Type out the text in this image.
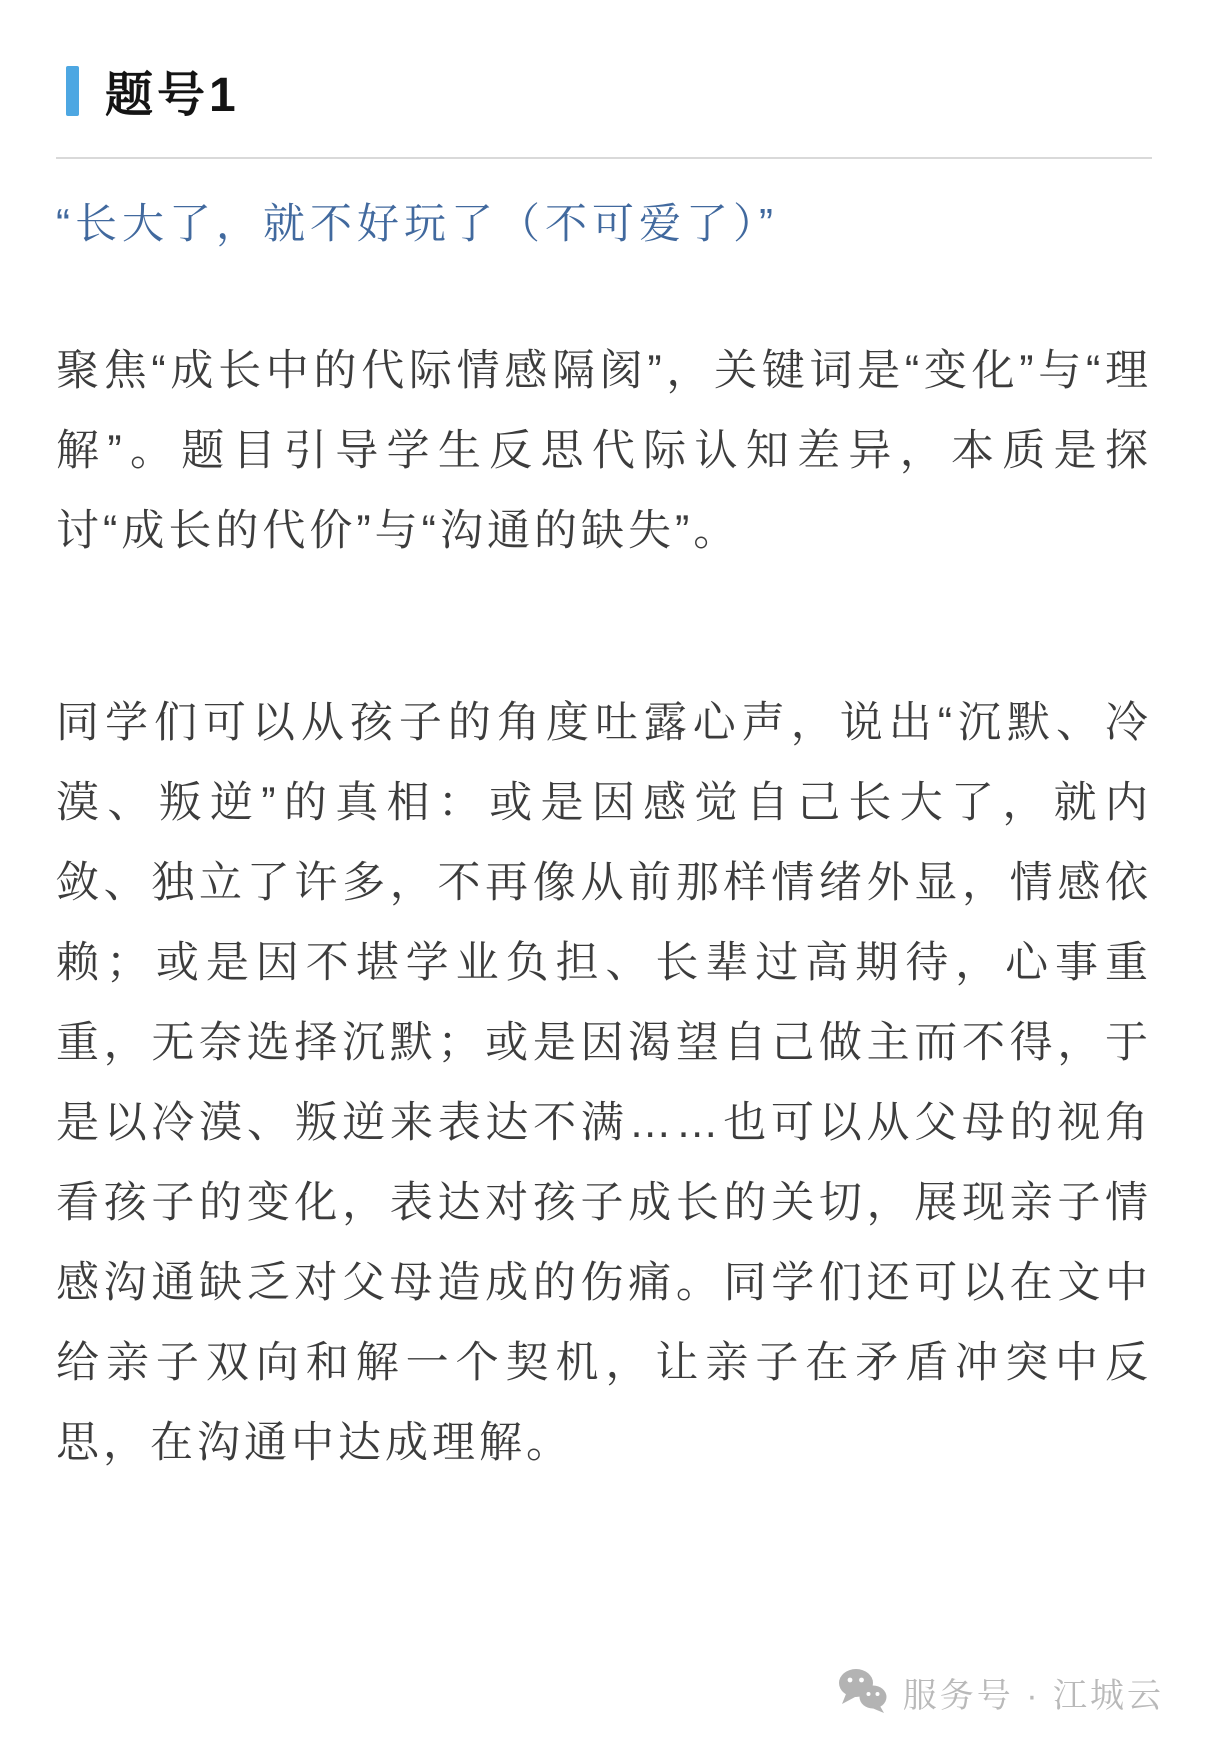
题号1
“长大了，就不好玩了（不可爱了）”
聚焦“成长中的代际情感隔阂”，关键词是“变化”与“理解”。题目引导学生反思代际认知差异，本质是探讨“成长的代价”与“沟通的缺失”。
同学们可以从孩子的角度吐露心声，说出“沉默、冷漠、叛逆”的真相：或是因感觉自己长大了，就内敛、独立了许多，不再像从前那样情绪外显，情感依赖；或是因不堪学业负担、长辈过高期待，心事重重，无奈选择沉默；或是因渴望自己做主而不得，于是以冷漠、叛逆来表达不满……也可以从父母的视角看孩子的变化，表达对孩子成长的关切，展现亲子情感沟通缺乏对父母造成的伤痛。同学们还可以在文中给亲子双向和解一个契机，让亲子在矛盾冲突中反思，在沟通中达成理解。
服务号 · 江城云
